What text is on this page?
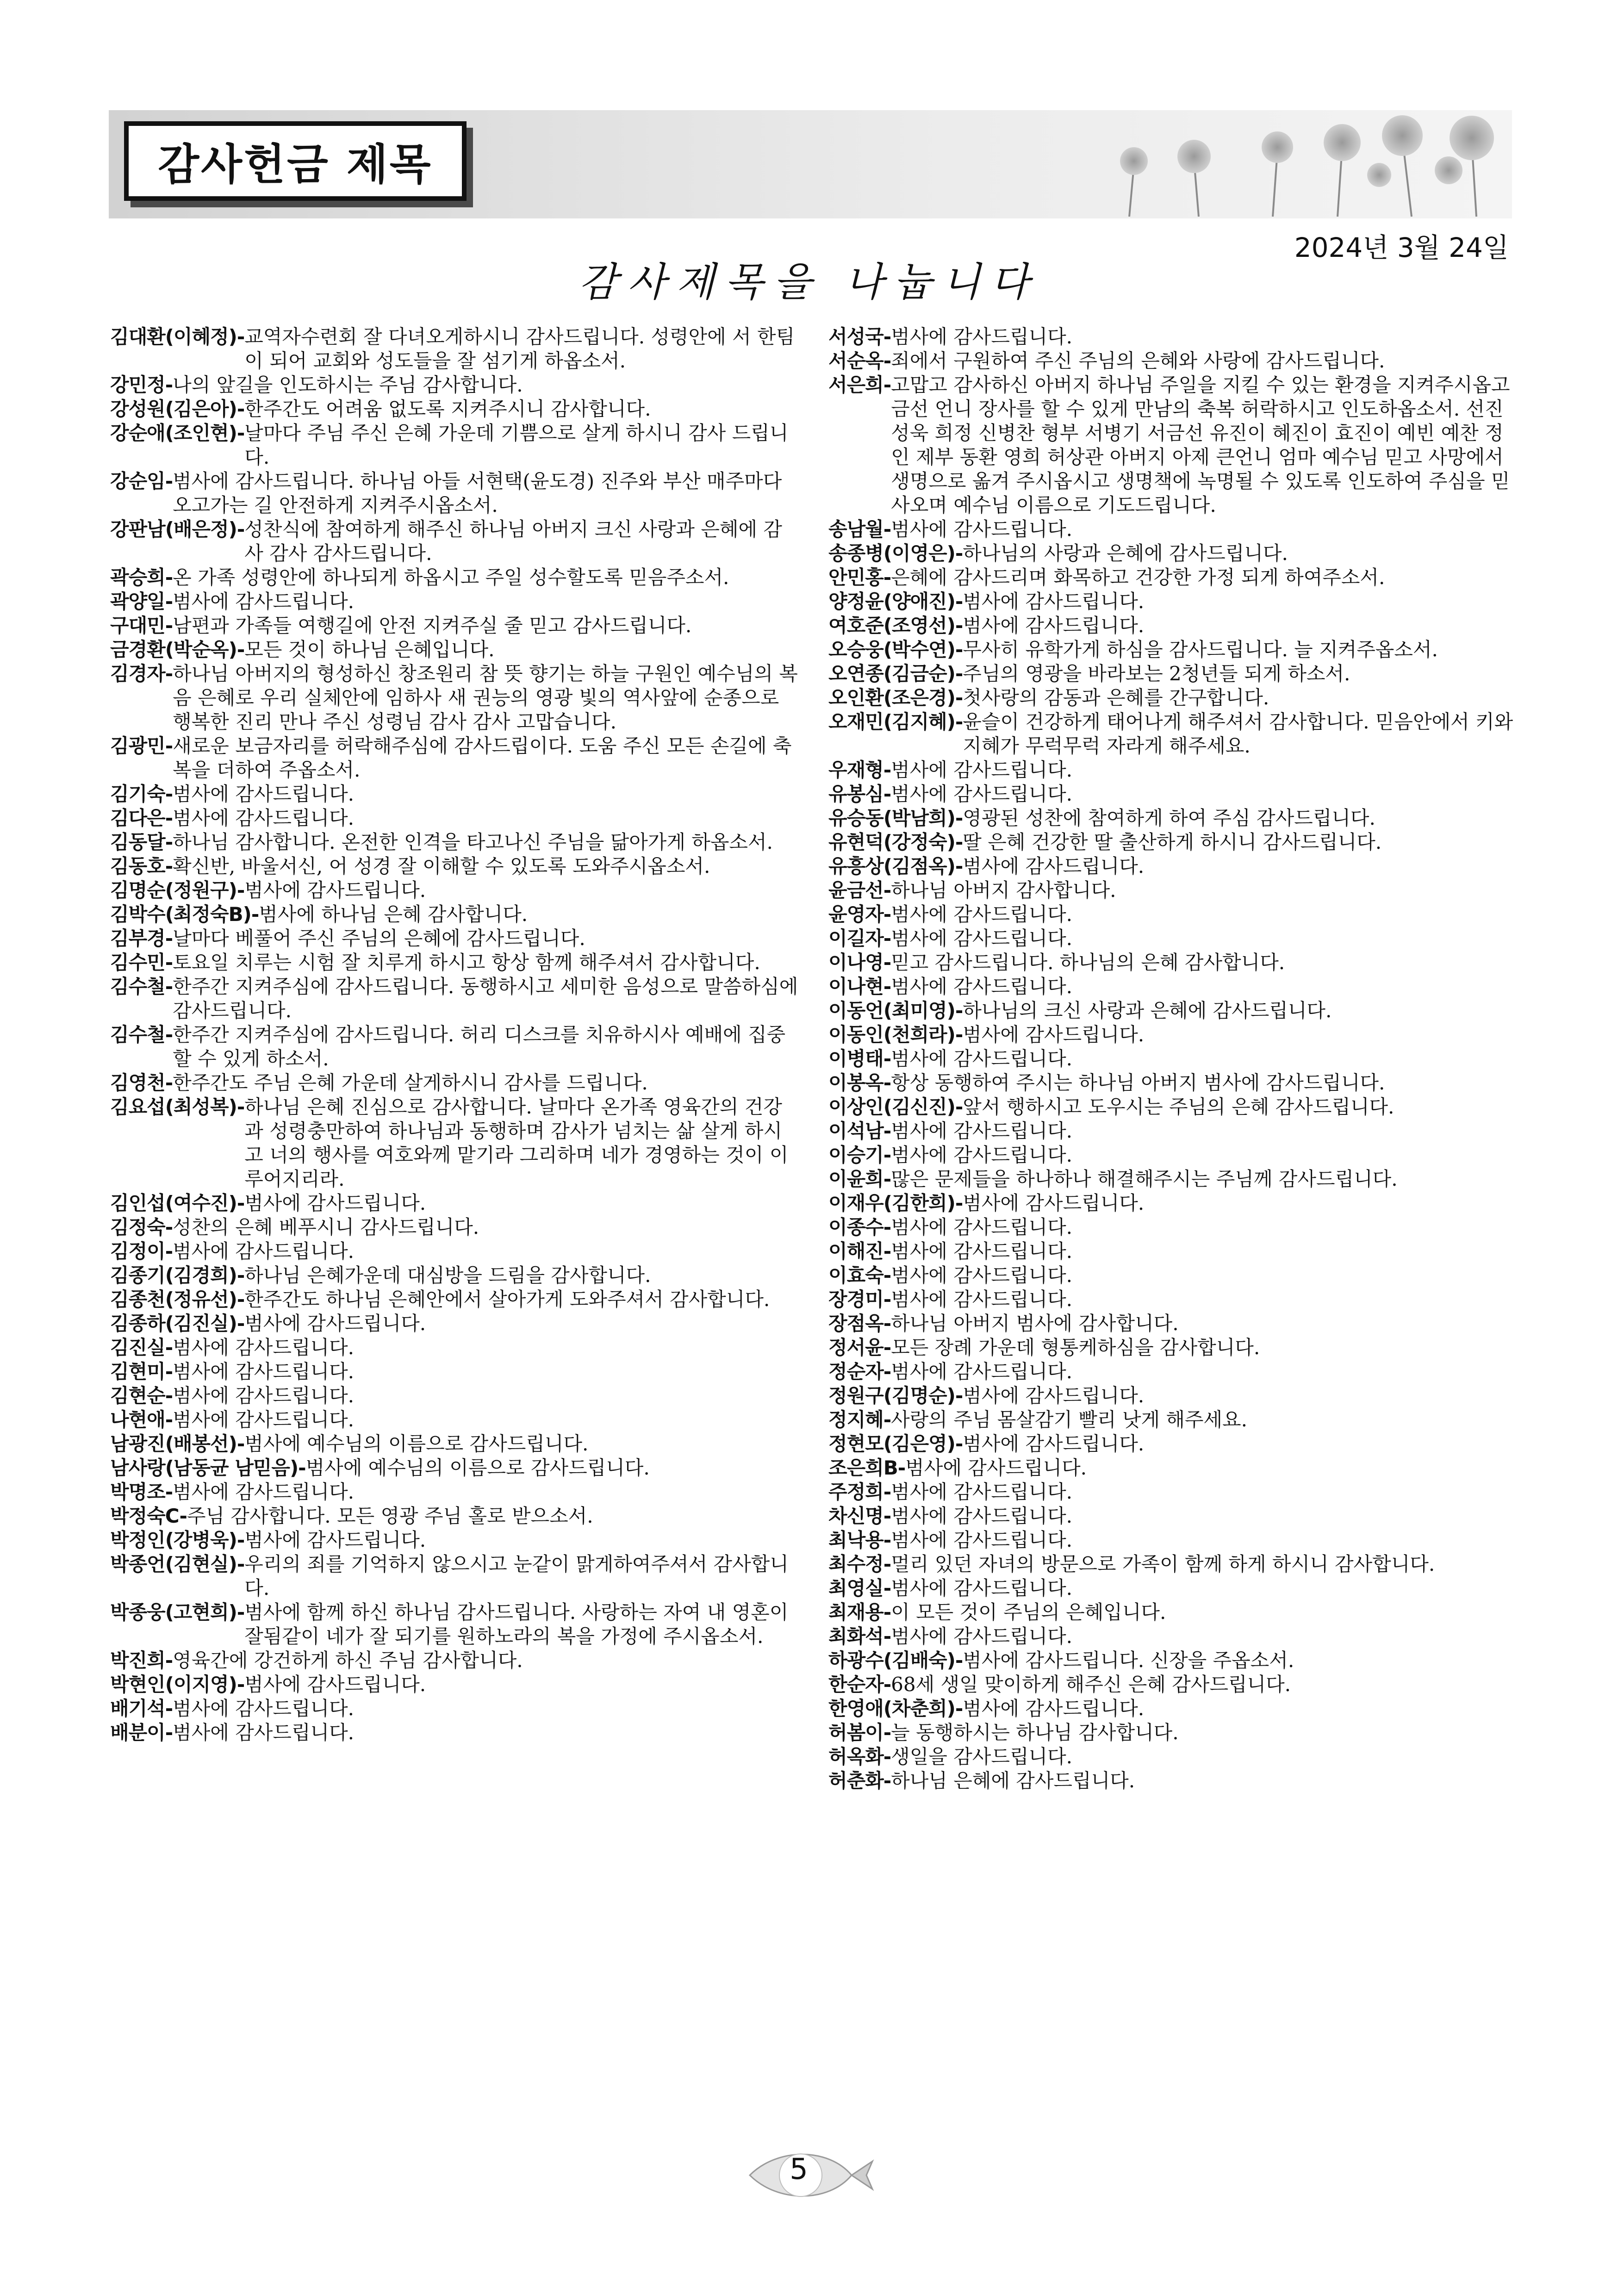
감사헌금 제목
2024년 3월 24일
감사제목을 나눕니다
김대환(이혜정)- 교역자수련회 잘 다녀오게하시니 감사드립니다. 성령안에 서 한팀이 되어 교회와 성도들을 잘 섬기게 하옵소서.
강민정- 나의 앞길을 인도하시는 주님 감사합니다.
강성원(김은아)- 한주간도 어려움 없도록 지켜주시니 감사합니다.
강순애(조인현)- 날마다 주님 주신 은혜 가운데 기쁨으로 살게 하시니 감사 드립니다.
강순임- 범사에 감사드립니다. 하나님 아들 서현택(윤도경) 진주와 부산 매주마다 오고가는 길 안전하게 지켜주시옵소서.
강판남(배은정)- 성찬식에 참여하게 해주신 하나님 아버지 크신 사랑과 은혜에 감사 감사 감사드립니다.
곽승희- 온 가족 성령안에 하나되게 하옵시고 주일 성수할도록 믿음주소서.
곽양일- 범사에 감사드립니다.
구대민- 남편과 가족들 여행길에 안전 지켜주실 줄 믿고 감사드립니다.
금경환(박순옥)- 모든 것이 하나님 은혜입니다.
김경자- 하나님 아버지의 형성하신 창조원리 참 뜻 향기는 하늘 구원인 예수님의 복음 은혜로 우리 실체안에 임하사 새 권능의 영광 빛의 역사앞에 순종으로 행복한 진리 만나 주신 성령님 감사 감사 고맙습니다.
김광민- 새로운 보금자리를 허락해주심에 감사드립이다. 도움 주신 모든 손길에 축복을 더하여 주옵소서.
김기숙- 범사에 감사드립니다.
김다은- 범사에 감사드립니다.
김동달- 하나님 감사합니다. 온전한 인격을 타고나신 주님을 닮아가게 하옵소서.
김동호- 확신반, 바울서신, 어 성경 잘 이해할 수 있도록 도와주시옵소서.
김명순(정원구)- 범사에 감사드립니다.
김박수(최정숙B)- 범사에 하나님 은혜 감사합니다.
김부경- 날마다 베풀어 주신 주님의 은혜에 감사드립니다.
김수민- 토요일 치루는 시험 잘 치루게 하시고 항상 함께 해주셔서 감사합니다.
김수철- 한주간 지켜주심에 감사드립니다. 동행하시고 세미한 음성으로 말씀하심에 감사드립니다.
김수철- 한주간 지켜주심에 감사드립니다. 허리 디스크를 치유하시사 예배에 집중할 수 있게 하소서.
김영천- 한주간도 주님 은혜 가운데 살게하시니 감사를 드립니다.
김요섭(최성복)- 하나님 은혜 진심으로 감사합니다. 날마다 온가족 영육간의 건강과 성령충만하여 하나님과 동행하며 감사가 넘치는 삶 살게 하시고 너의 행사를 여호와께 맡기라 그리하며 네가 경영하는 것이 이루어지리라.
김인섭(여수진)- 범사에 감사드립니다.
김정숙- 성찬의 은혜 베푸시니 감사드립니다.
김정이- 범사에 감사드립니다.
김종기(김경희)- 하나님 은혜가운데 대심방을 드림을 감사합니다.
김종천(정유선)- 한주간도 하나님 은혜안에서 살아가게 도와주셔서 감사합니다.
김종하(김진실)- 범사에 감사드립니다.
김진실- 범사에 감사드립니다.
김현미- 범사에 감사드립니다.
김현순- 범사에 감사드립니다.
나현애- 범사에 감사드립니다.
남광진(배봉선)- 범사에 예수님의 이름으로 감사드립니다.
남사랑(남동균 남믿음)- 범사에 예수님의 이름으로 감사드립니다.
박명조- 범사에 감사드립니다.
박정숙C- 주님 감사합니다. 모든 영광 주님 홀로 받으소서.
박정인(강병욱)- 범사에 감사드립니다.
박종언(김현실)- 우리의 죄를 기억하지 않으시고 눈같이 맑게하여주셔서 감사합니다.
박종웅(고현희)- 범사에 함께 하신 하나님 감사드립니다. 사랑하는 자여 내 영혼이 잘됨같이 네가 잘 되기를 원하노라의 복을 가정에 주시옵소서.
박진희- 영육간에 강건하게 하신 주님 감사합니다.
박현인(이지영)- 범사에 감사드립니다.
배기석- 범사에 감사드립니다.
배분이- 범사에 감사드립니다.
서성국- 범사에 감사드립니다.
서순옥- 죄에서 구원하여 주신 주님의 은혜와 사랑에 감사드립니다.
서은희- 고맙고 감사하신 아버지 하나님 주일을 지킬 수 있는 환경을 지켜주시옵고 금선 언니 장사를 할 수 있게 만남의 축복 허락하시고 인도하옵소서. 선진 성욱 희정 신병찬 형부 서병기 서금선 유진이 혜진이 효진이 예빈 예찬 정인 제부 동환 영희 허상관 아버지 아제 큰언니 엄마 예수님 믿고 사망에서 생명으로 옮겨 주시옵시고 생명책에 녹명될 수 있도록 인도하여 주심을 믿사오며 예수님 이름으로 기도드립니다.
송남월- 범사에 감사드립니다.
송종병(이영은)- 하나님의 사랑과 은혜에 감사드립니다.
안민홍- 은혜에 감사드리며 화목하고 건강한 가정 되게 하여주소서.
양정윤(양애진)- 범사에 감사드립니다.
여호준(조영선)- 범사에 감사드립니다.
오승웅(박수연)- 무사히 유학가게 하심을 감사드립니다. 늘 지켜주옵소서.
오연종(김금순)- 주님의 영광을 바라보는 2청년들 되게 하소서.
오인환(조은경)- 첫사랑의 감동과 은혜를 간구합니다.
오재민(김지혜)- 윤슬이 건강하게 태어나게 해주셔서 감사합니다. 믿음안에서 키와 지혜가 무럭무럭 자라게 해주세요.
우재형- 범사에 감사드립니다.
유봉심- 범사에 감사드립니다.
유승동(박남희)- 영광된 성찬에 참여하게 하여 주심 감사드립니다.
유현덕(강정숙)- 딸 은혜 건강한 딸 출산하게 하시니 감사드립니다.
유흥상(김점옥)- 범사에 감사드립니다.
윤금선- 하나님 아버지 감사합니다.
윤영자- 범사에 감사드립니다.
이길자- 범사에 감사드립니다.
이나영- 믿고 감사드립니다. 하나님의 은혜 감사합니다.
이나현- 범사에 감사드립니다.
이동언(최미영)- 하나님의 크신 사랑과 은혜에 감사드립니다.
이동인(천희라)- 범사에 감사드립니다.
이병태- 범사에 감사드립니다.
이봉옥- 항상 동행하여 주시는 하나님 아버지 범사에 감사드립니다.
이상인(김신진)- 앞서 행하시고 도우시는 주님의 은혜 감사드립니다.
이석남- 범사에 감사드립니다.
이승기- 범사에 감사드립니다.
이윤희- 많은 문제들을 하나하나 해결해주시는 주님께 감사드립니다.
이재우(김한희)- 범사에 감사드립니다.
이종수- 범사에 감사드립니다.
이해진- 범사에 감사드립니다.
이효숙- 범사에 감사드립니다.
장경미- 범사에 감사드립니다.
장점옥- 하나님 아버지 범사에 감사합니다.
정서윤- 모든 장례 가운데 형통케하심을 감사합니다.
정순자- 범사에 감사드립니다.
정원구(김명순)- 범사에 감사드립니다.
정지혜- 사랑의 주님 몸살감기 빨리 낫게 해주세요.
정현모(김은영)- 범사에 감사드립니다.
조은희B- 범사에 감사드립니다.
주정희- 범사에 감사드립니다.
차신명- 범사에 감사드립니다.
최낙용- 범사에 감사드립니다.
최수정- 멀리 있던 자녀의 방문으로 가족이 함께 하게 하시니 감사합니다.
최영실- 범사에 감사드립니다.
최재용- 이 모든 것이 주님의 은혜입니다.
최화석- 범사에 감사드립니다.
하광수(김배숙)- 범사에 감사드립니다. 신장을 주옵소서.
한순자- 68세 생일 맞이하게 해주신 은혜 감사드립니다.
한영애(차춘희)- 범사에 감사드립니다.
허봄이- 늘 동행하시는 하나님 감사합니다.
허옥화- 생일을 감사드립니다.
허춘화- 하나님 은혜에 감사드립니다.
5
